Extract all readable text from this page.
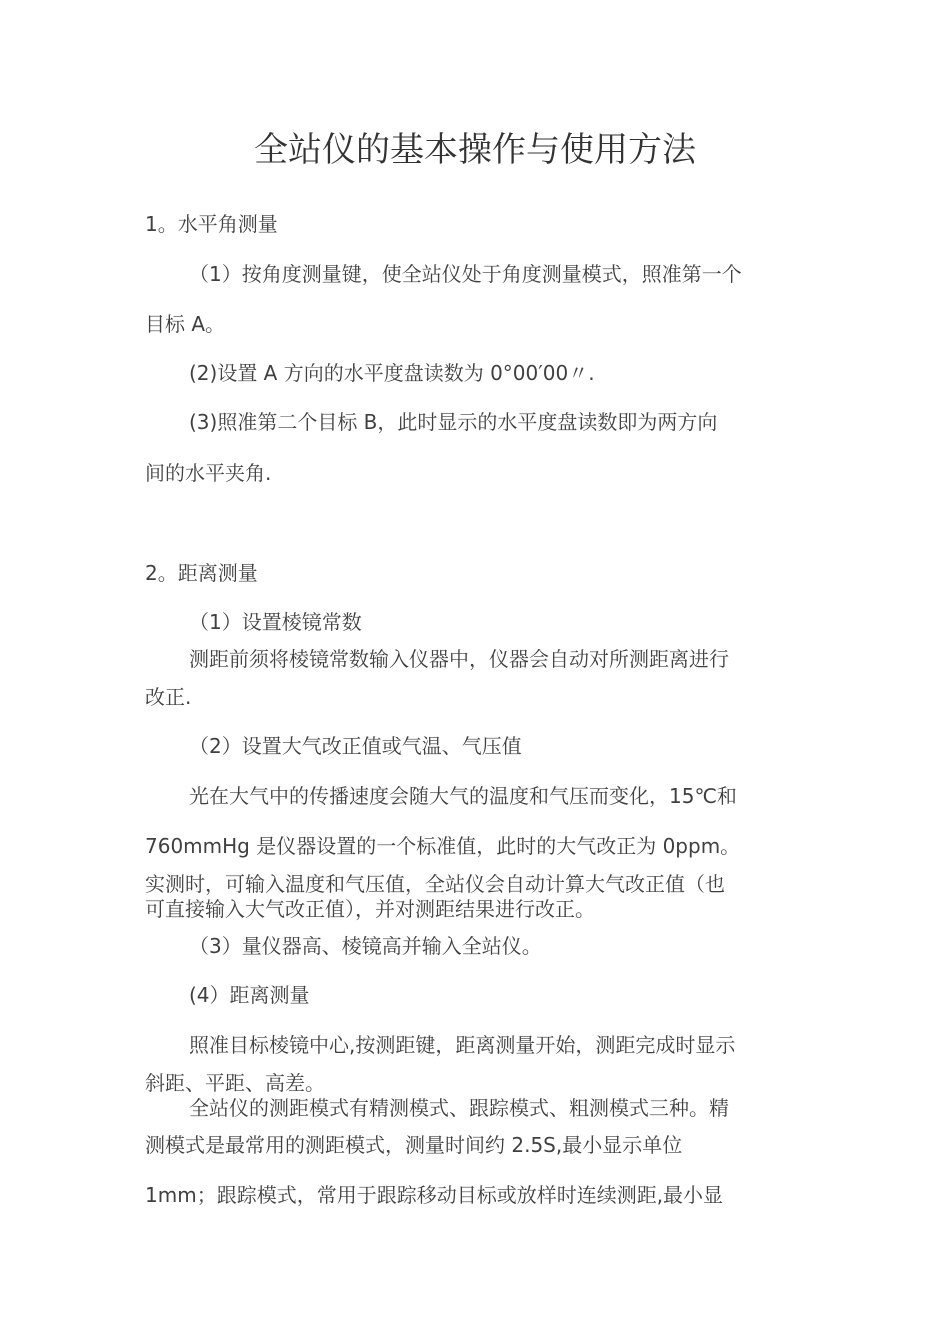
全站仪的基本操作与使用方法
1。水平角测量
（1）按角度测量键，使全站仪处于角度测量模式，照准第一个
目标 A。
(2)设置 A 方向的水平度盘读数为 0°00′00〃.
(3)照准第二个目标 B，此时显示的水平度盘读数即为两方向
间的水平夹角.
2。距离测量
（1）设置棱镜常数
测距前须将棱镜常数输入仪器中，仪器会自动对所测距离进行
改正.
（2）设置大气改正值或气温、气压值
光在大气中的传播速度会随大气的温度和气压而变化，15℃和
760mmHg 是仪器设置的一个标准值，此时的大气改正为 0ppm。
实测时，可输入温度和气压值，全站仪会自动计算大气改正值（也
可直接输入大气改正值），并对测距结果进行改正。
（3）量仪器高、棱镜高并输入全站仪。
(4）距离测量
照准目标棱镜中心,按测距键，距离测量开始，测距完成时显示
斜距、平距、高差。
全站仪的测距模式有精测模式、跟踪模式、粗测模式三种。精
测模式是最常用的测距模式，测量时间约 2.5S,最小显示单位
1mm；跟踪模式，常用于跟踪移动目标或放样时连续测距,最小显
